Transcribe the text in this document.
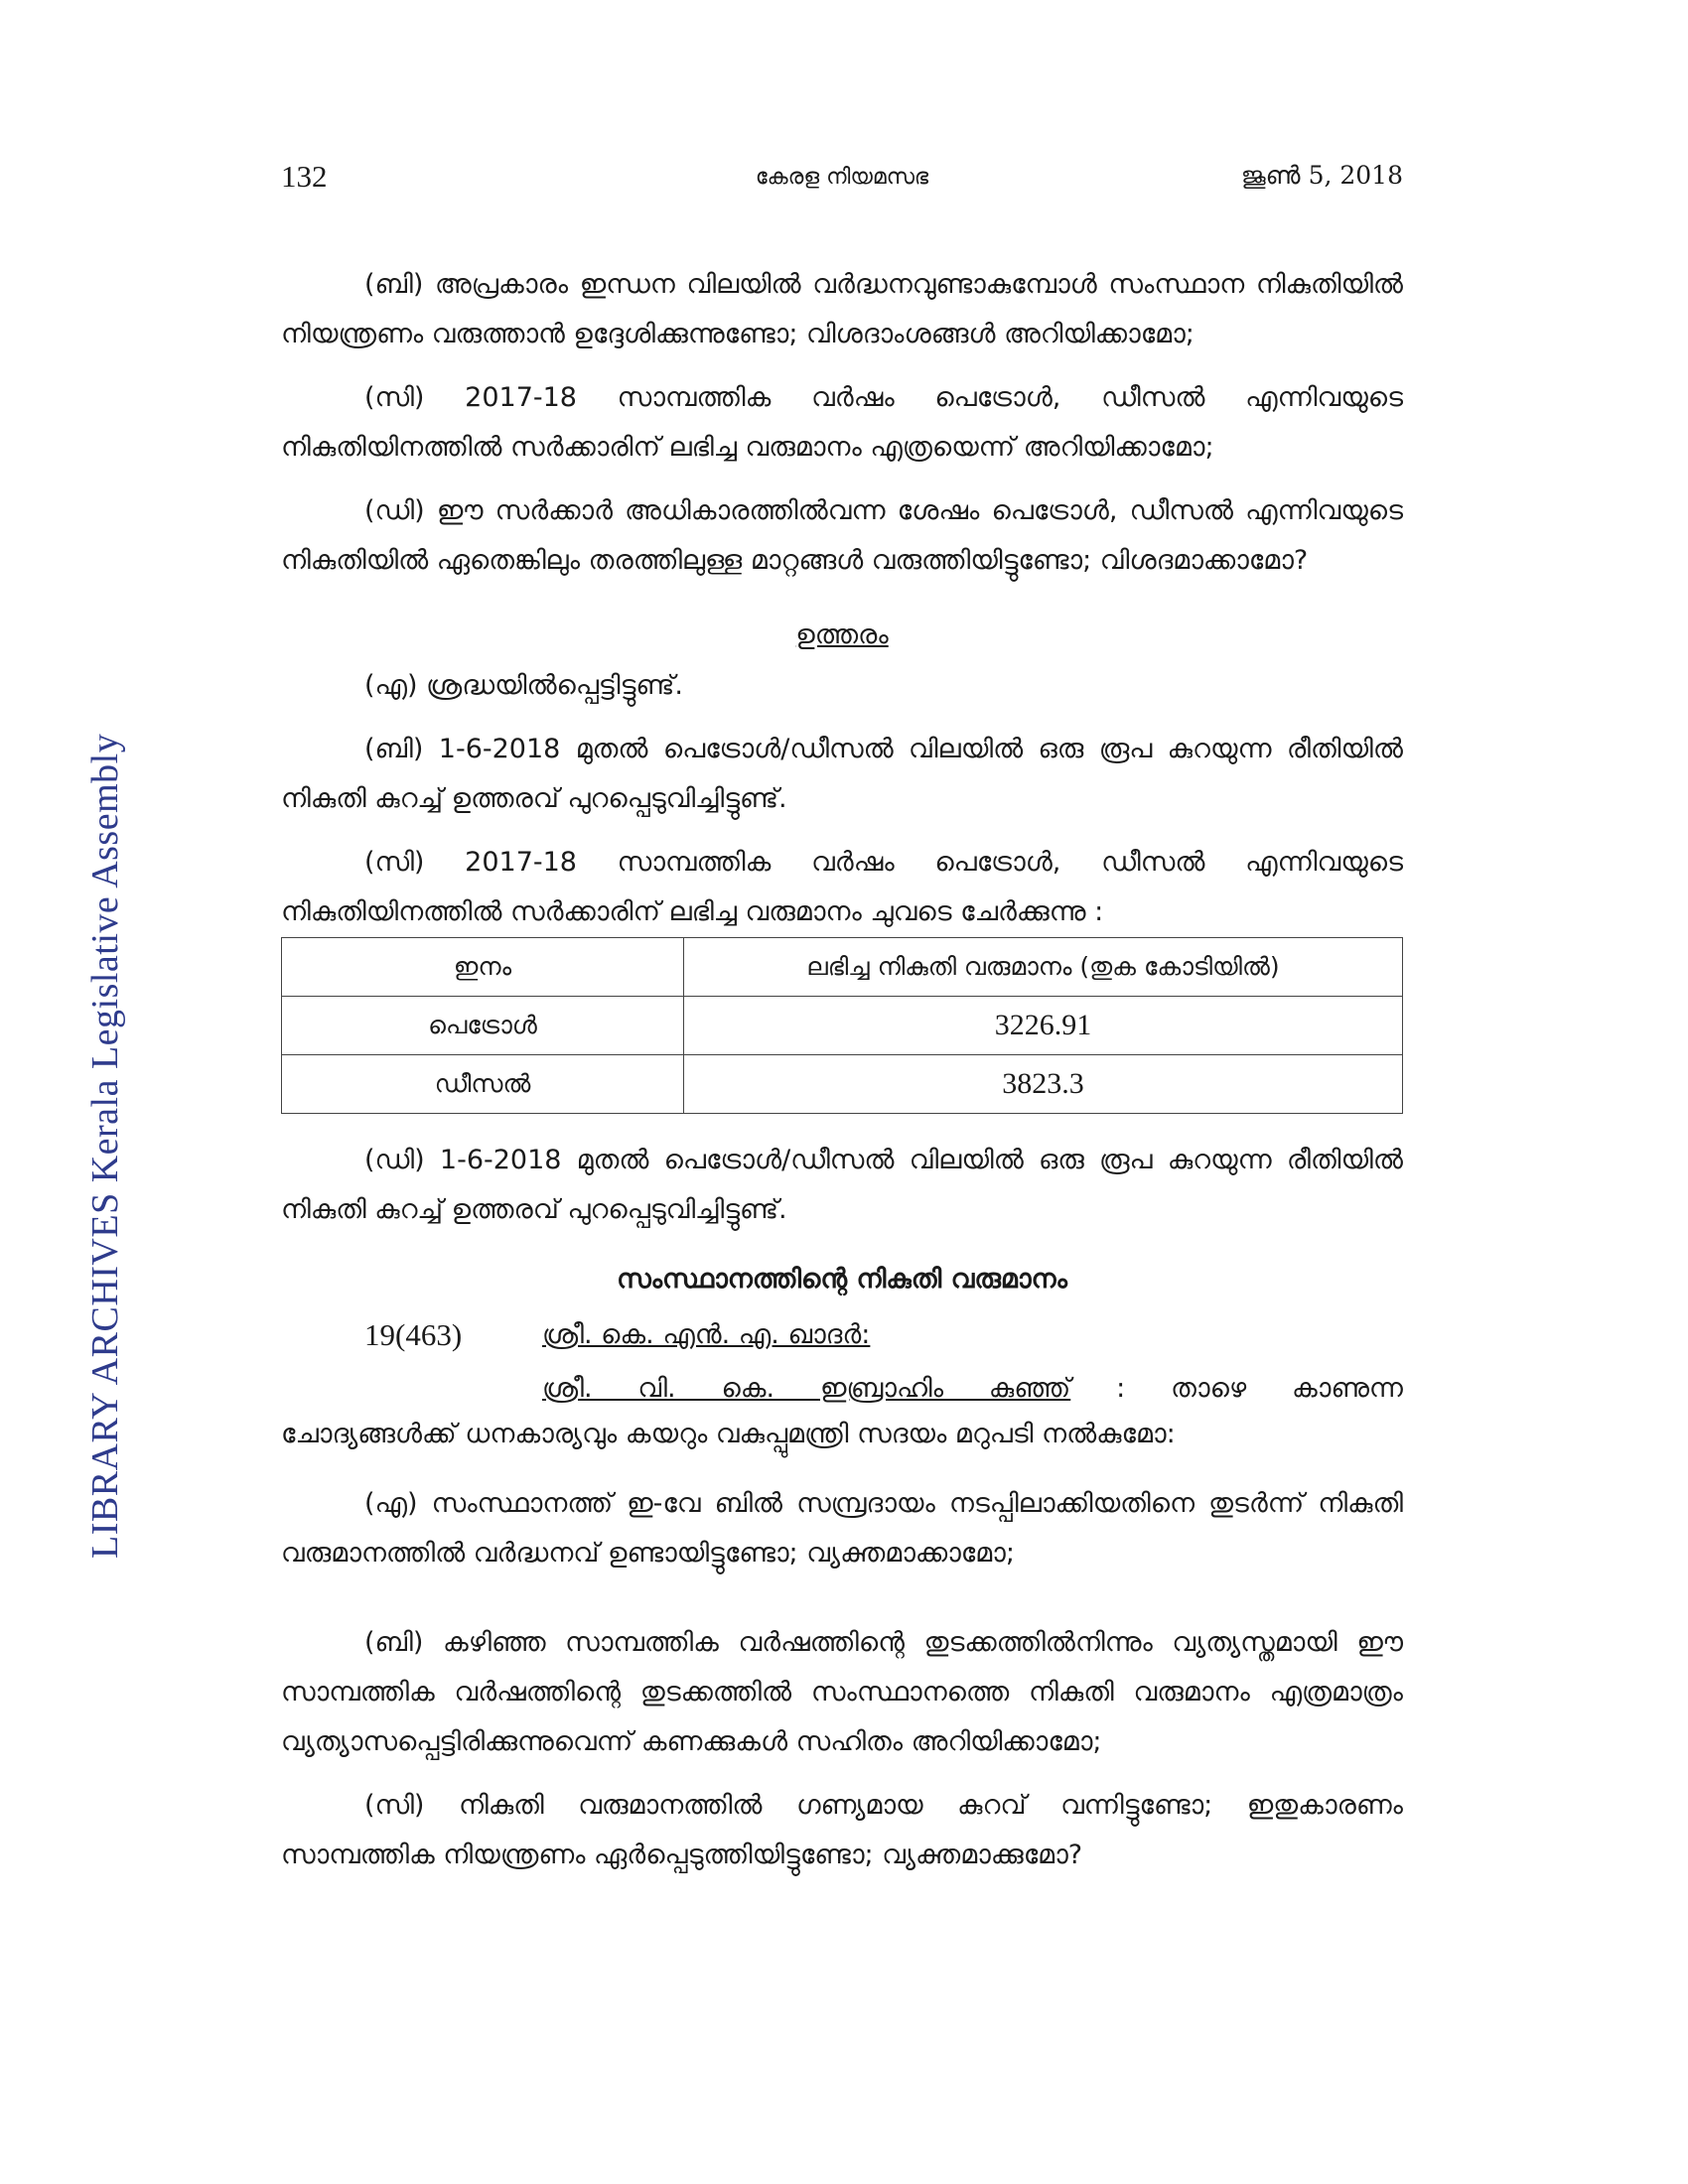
LIBRARY ARCHIVES Kerala Legislative Assembly
132	കേരള നിയമസഭ	ജൂൺ 5, 2018

(ബി) അപ്രകാരം ഇന്ധന വിലയിൽ വർദ്ധനവുണ്ടാകുമ്പോൾ സംസ്ഥാന നികുതിയിൽ നിയന്ത്രണം വരുത്താൻ ഉദ്ദേശിക്കുന്നുണ്ടോ; വിശദാംശങ്ങൾ അറിയിക്കാമോ;

(സി) 2017-18 സാമ്പത്തിക വർഷം പെട്രോൾ, ഡീസൽ എന്നിവയുടെ നികുതിയിനത്തിൽ സർക്കാരിന് ലഭിച്ച വരുമാനം എത്രയെന്ന് അറിയിക്കാമോ;

(ഡി) ഈ സർക്കാർ അധികാരത്തിൽവന്ന ശേഷം പെട്രോൾ, ഡീസൽ എന്നിവയുടെ നികുതിയിൽ ഏതെങ്കിലും തരത്തിലുള്ള മാറ്റങ്ങൾ വരുത്തിയിട്ടുണ്ടോ; വിശദമാക്കാമോ?

ഉത്തരം

(എ) ശ്രദ്ധയിൽപ്പെട്ടിട്ടുണ്ട്.

(ബി) 1-6-2018 മുതൽ പെട്രോൾ/ഡീസൽ വിലയിൽ ഒരു രൂപ കുറയുന്ന രീതിയിൽ നികുതി കുറച്ച് ഉത്തരവ് പുറപ്പെടുവിച്ചിട്ടുണ്ട്.

(സി) 2017-18 സാമ്പത്തിക വർഷം പെട്രോൾ, ഡീസൽ എന്നിവയുടെ നികുതിയിനത്തിൽ സർക്കാരിന് ലഭിച്ച വരുമാനം ചുവടെ ചേർക്കുന്നു :

ഇനം	ലഭിച്ച നികുതി വരുമാനം (തുക കോടിയിൽ)
പെട്രോൾ	3226.91
ഡീസൽ	3823.3

(ഡി) 1-6-2018 മുതൽ പെട്രോൾ/ഡീസൽ വിലയിൽ ഒരു രൂപ കുറയുന്ന രീതിയിൽ നികുതി കുറച്ച് ഉത്തരവ് പുറപ്പെടുവിച്ചിട്ടുണ്ട്.

സംസ്ഥാനത്തിന്റെ നികുതി വരുമാനം
19(463)	ശ്രീ. കെ. എൻ. എ. ഖാദർ:
ശ്രീ. വി. കെ. ഇബ്രാഹിം കുഞ്ഞ് : താഴെ കാണുന്ന

ചോദ്യങ്ങൾക്ക് ധനകാര്യവും കയറും വകുപ്പുമന്ത്രി സദയം മറുപടി നൽകുമോ:

(എ) സംസ്ഥാനത്ത് ഇ-വേ ബിൽ സമ്പ്രദായം നടപ്പിലാക്കിയതിനെ തുടർന്ന് നികുതി വരുമാനത്തിൽ വർദ്ധനവ് ഉണ്ടായിട്ടുണ്ടോ; വ്യക്തമാക്കാമോ;

(ബി) കഴിഞ്ഞ സാമ്പത്തിക വർഷത്തിന്റെ തുടക്കത്തിൽനിന്നും വ്യത്യസ്തമായി ഈ സാമ്പത്തിക വർഷത്തിന്റെ തുടക്കത്തിൽ സംസ്ഥാനത്തെ നികുതി വരുമാനം എത്രമാത്രം വ്യത്യാസപ്പെട്ടിരിക്കുന്നുവെന്ന് കണക്കുകൾ സഹിതം അറിയിക്കാമോ;

(സി) നികുതി വരുമാനത്തിൽ ഗണ്യമായ കുറവ് വന്നിട്ടുണ്ടോ; ഇതുകാരണം സാമ്പത്തിക നിയന്ത്രണം ഏർപ്പെടുത്തിയിട്ടുണ്ടോ; വ്യക്തമാക്കുമോ?
